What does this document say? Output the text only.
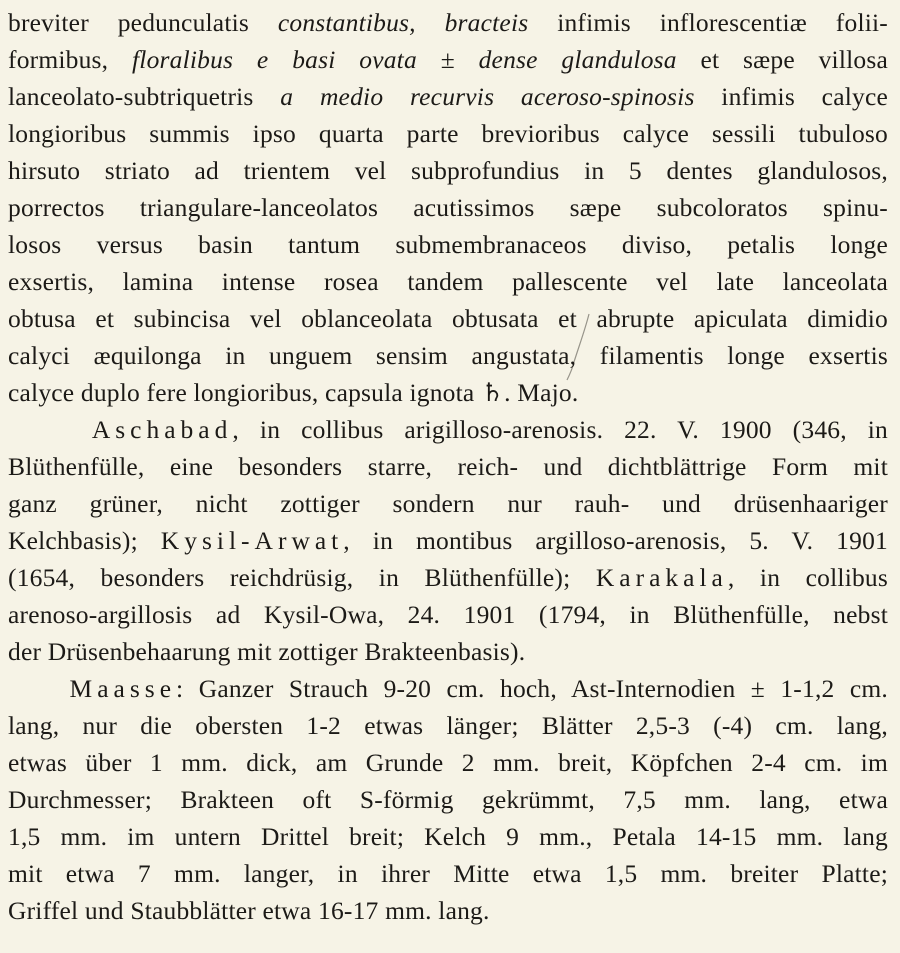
breviter pedunculatis constantibus, bracteis infimis inflorescentiæ folii-
formibus, floralibus e basi ovata ± dense glandulosa et sæpe villosa
lanceolato-subtriquetris a medio recurvis aceroso-spinosis infimis calyce
longioribus summis ipso quarta parte brevioribus calyce sessili tubuloso
hirsuto striato ad trientem vel subprofundius in 5 dentes glandulosos,
porrectos triangulare-lanceolatos acutissimos sæpe subcoloratos spinu-
losos versus basin tantum submembranaceos diviso, petalis longe
exsertis, lamina intense rosea tandem pallescente vel late lanceolata
obtusa et subincisa vel oblanceolata obtusata et abrupte apiculata dimidio
calyci æquilonga in unguem sensim angustata, filamentis longe exsertis
calyce duplo fere longioribus, capsula ignota ♄. Majo.
Aschabad, in collibus arigilloso-arenosis. 22. V. 1900 (346, in
Blüthenfülle, eine besonders starre, reich- und dichtblättrige Form mit
ganz grüner, nicht zottiger sondern nur rauh- und drüsenhaariger
Kelchbasis); Kysil-Arwat, in montibus argilloso-arenosis, 5. V. 1901
(1654, besonders reichdrüsig, in Blüthenfülle); Karakala, in collibus
arenoso-argillosis ad Kysil-Owa, 24. 1901 (1794, in Blüthenfülle, nebst
der Drüsenbehaarung mit zottiger Brakteenbasis).
Maasse: Ganzer Strauch 9-20 cm. hoch, Ast-Internodien ± 1-1,2 cm.
lang, nur die obersten 1-2 etwas länger; Blätter 2,5-3 (-4) cm. lang,
etwas über 1 mm. dick, am Grunde 2 mm. breit, Köpfchen 2-4 cm. im
Durchmesser; Brakteen oft S-förmig gekrümmt, 7,5 mm. lang, etwa
1,5 mm. im untern Drittel breit; Kelch 9 mm., Petala 14-15 mm. lang
mit etwa 7 mm. langer, in ihrer Mitte etwa 1,5 mm. breiter Platte;
Griffel und Staubblätter etwa 16-17 mm. lang.
